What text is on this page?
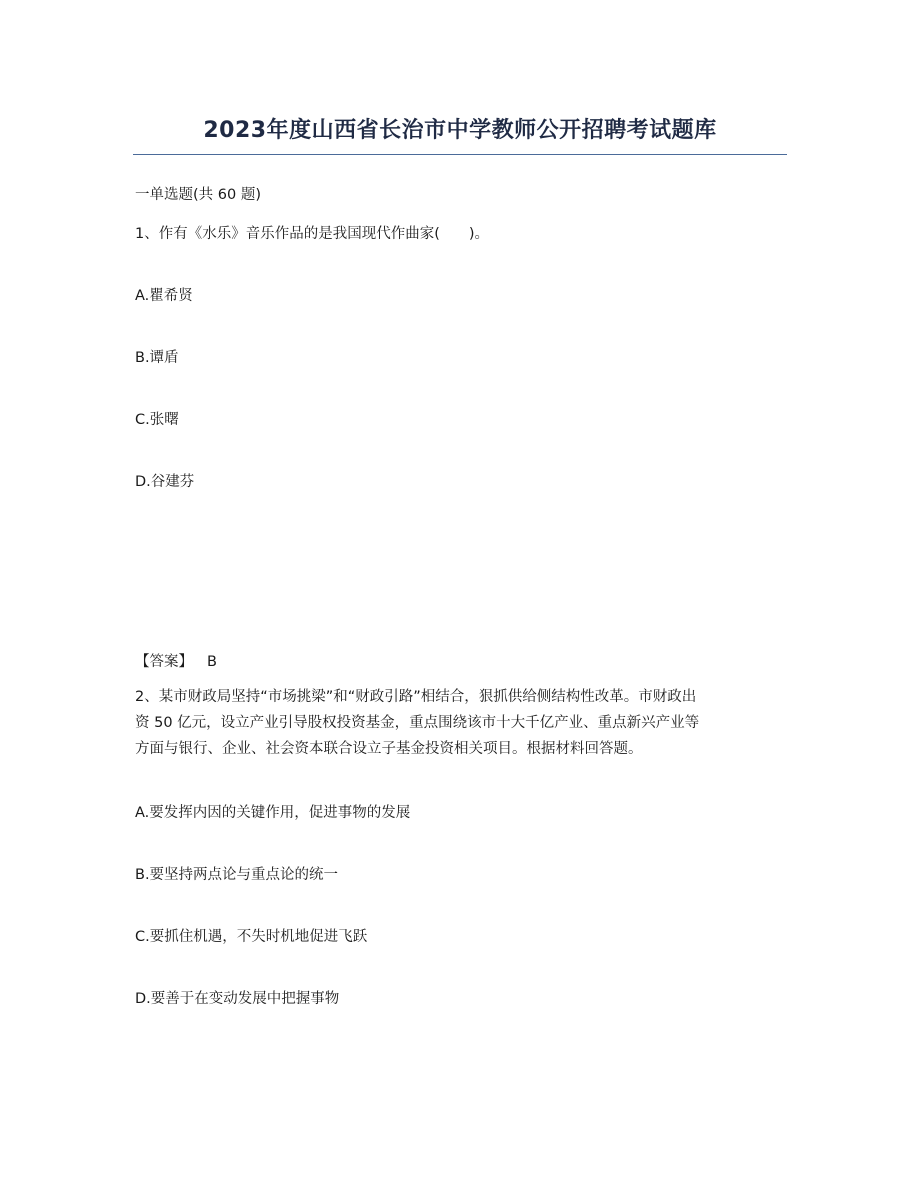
2023年度山西省长治市中学教师公开招聘考试题库
一单选题(共 60 题)
1、作有《水乐》音乐作品的是我国现代作曲家(　　)。
A.瞿希贤
B.谭盾
C.张曙
D.谷建芬
【答案】 B
2、某市财政局坚持“市场挑梁”和“财政引路”相结合，狠抓供给侧结构性改革。市财政出
资 50 亿元，设立产业引导股权投资基金，重点围绕该市十大千亿产业、重点新兴产业等
方面与银行、企业、社会资本联合设立子基金投资相关项目。根据材料回答题。
A.要发挥内因的关键作用，促进事物的发展
B.要坚持两点论与重点论的统一
C.要抓住机遇，不失时机地促进飞跃
D.要善于在变动发展中把握事物
